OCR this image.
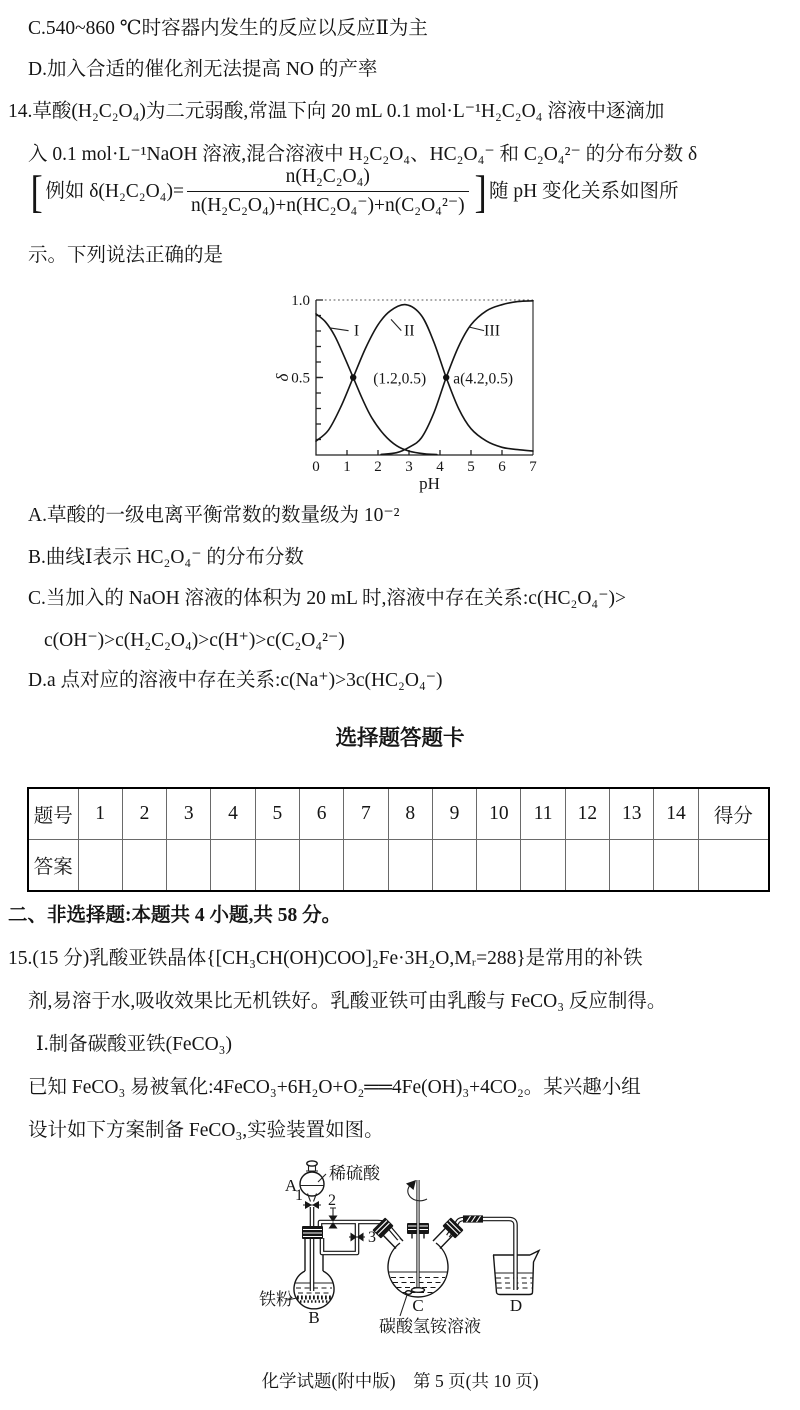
C.540~860 ℃时容器内发生的反应以反应Ⅱ为主
D.加入合适的催化剂无法提高 NO 的产率
14.草酸(H₂C₂O₄)为二元弱酸,常温下向 20 mL 0.1 mol·L⁻¹H₂C₂O₄ 溶液中逐滴加
入 0.1 mol·L⁻¹NaOH 溶液,混合溶液中 H₂C₂O₄、HC₂O₄⁻ 和 C₂O₄²⁻ 的分布分数 δ
[ 例如 $\delta(H_2C_2O_4)= \frac{\text{n(H₂C₂O₄)}}{\text{n(H₂C₂O₄)+n(HC₂O₄⁻)+n(C₂O₄²⁻)}}$ ] 随 pH 变化关系如图所
示。下列说法正确的是
0 1 2 3 4 5 6 7
0.5
1.0
pH
δ
I	II	III
(1.2,0.5) a(4.2,0.5)
A.草酸的一级电离平衡常数的数量级为 10⁻²
B.曲线Ⅰ表示 HC₂O₄⁻ 的分布分数
C.当加入的 NaOH 溶液的体积为 20 mL 时,溶液中存在关系:c(HC₂O₄⁻)>
c(OH⁻)>c(H₂C₂O₄)>c(H⁺)>c(C₂O₄²⁻)
D.a 点对应的溶液中存在关系:c(Na⁺)>3c(HC₂O₄⁻)
选择题答题卡
题号	1	2	3	4	5	6	7	8	9	10	11	12	13	14	得分
答案															
二、非选择题:本题共 4 小题,共 58 分。
15.(15 分)乳酸亚铁晶体{[CH₃CH(OH)COO]₂Fe·3H₂O,Mᵣ=288}是常用的补铁
剂,易溶于水,吸收效果比无机铁好。乳酸亚铁可由乳酸与 FeCO₃ 反应制得。
Ⅰ.制备碳酸亚铁(FeCO₃)
已知 FeCO₃ 易被氧化:4FeCO₃+6H₂O+O₂══4Fe(OH)₃+4CO₂。某兴趣小组
设计如下方案制备 FeCO₃,实验装置如图。
稀硫酸
A
1 2
3
铁粉
B
C	D
碳酸氢铵溶液
化学试题(附中版)　第 5 页(共 10 页)
